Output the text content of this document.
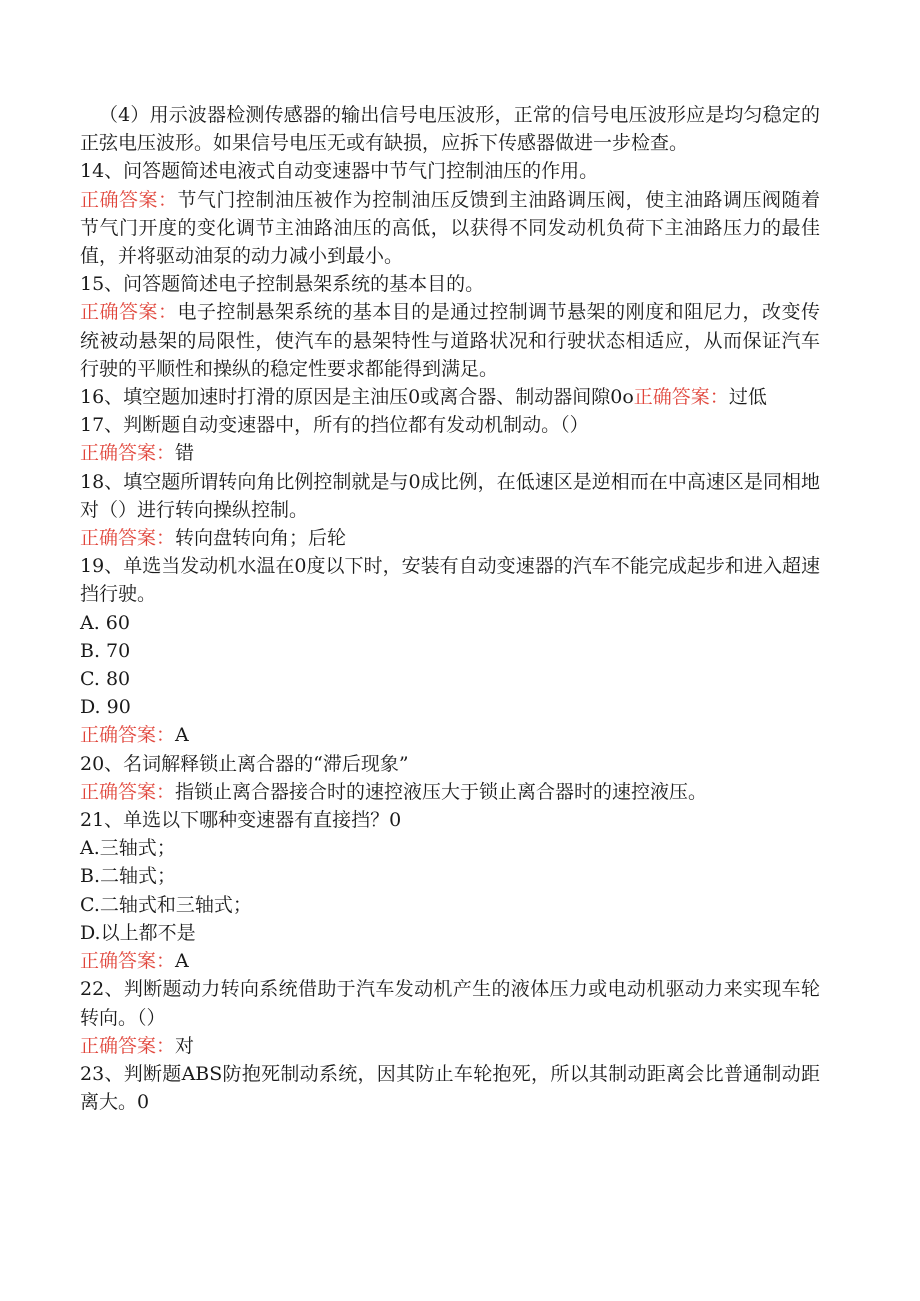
（4）用示波器检测传感器的输出信号电压波形，正常的信号电压波形应是均匀稳定的正弦电压波形。如果信号电压无或有缺损，应拆下传感器做进一步检查。

14、问答题简述电液式自动变速器中节气门控制油压的作用。

正确答案：节气门控制油压被作为控制油压反馈到主油路调压阀，使主油路调压阀随着节气门开度的变化调节主油路油压的高低，以获得不同发动机负荷下主油路压力的最佳值，并将驱动油泵的动力减小到最小。

15、问答题简述电子控制悬架系统的基本目的。

正确答案：电子控制悬架系统的基本目的是通过控制调节悬架的刚度和阻尼力，改变传统被动悬架的局限性，使汽车的悬架特性与道路状况和行驶状态相适应，从而保证汽车行驶的平顺性和操纵的稳定性要求都能得到满足。

16、填空题加速时打滑的原因是主油压0或离合器、制动器间隙0o正确答案：过低

17、判断题自动变速器中，所有的挡位都有发动机制动。（）

正确答案：错

18、填空题所谓转向角比例控制就是与0成比例，在低速区是逆相而在中高速区是同相地对（）进行转向操纵控制。

正确答案：转向盘转向角；后轮

19、单选当发动机水温在0度以下时，安装有自动变速器的汽车不能完成起步和进入超速挡行驶。

A. 60

B. 70

C. 80

D. 90

正确答案：A

20、名词解释锁止离合器的“滞后现象”

正确答案：指锁止离合器接合时的速控液压大于锁止离合器时的速控液压。

21、单选以下哪种变速器有直接挡？0

A.三轴式；

B.二轴式；

C.二轴式和三轴式；

D.以上都不是

正确答案：A

22、判断题动力转向系统借助于汽车发动机产生的液体压力或电动机驱动力来实现车轮转向。（）

正确答案：对

23、判断题ABS防抱死制动系统，因其防止车轮抱死，所以其制动距离会比普通制动距离大。0
